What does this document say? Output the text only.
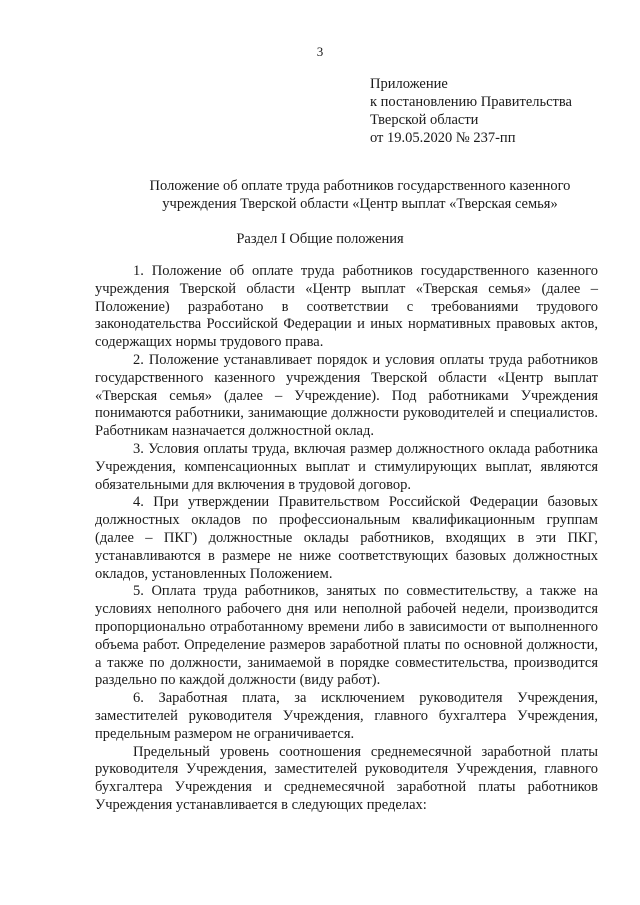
3
Приложение
к постановлению Правительства
Тверской области
от 19.05.2020 № 237-пп
Положение об оплате труда работников государственного казенного
учреждения Тверской области «Центр выплат «Тверская семья»
Раздел I Общие положения

1. Положение об оплате труда работников государственного казенного учреждения Тверской области «Центр выплат «Тверская семья» (далее – Положение) разработано в соответствии с требованиями трудового законодательства Российской Федерации и иных нормативных правовых актов, содержащих нормы трудового права.

2. Положение устанавливает порядок и условия оплаты труда работников государственного казенного учреждения Тверской области «Центр выплат «Тверская семья» (далее – Учреждение). Под работниками Учреждения понимаются работники, занимающие должности руководителей и специалистов. Работникам назначается должностной оклад.

3. Условия оплаты труда, включая размер должностного оклада работника Учреждения, компенсационных выплат и стимулирующих выплат, являются обязательными для включения в трудовой договор.

4. При утверждении Правительством Российской Федерации базовых должностных окладов по профессиональным квалификационным группам (далее – ПКГ) должностные оклады работников, входящих в эти ПКГ, устанавливаются в размере не ниже соответствующих базовых должностных окладов, установленных Положением.

5. Оплата труда работников, занятых по совместительству, а также на условиях неполного рабочего дня или неполной рабочей недели, производится пропорционально отработанному времени либо в зависимости от выполненного объема работ. Определение размеров заработной платы по основной должности, а также по должности, занимаемой в порядке совместительства, производится раздельно по каждой должности (виду работ).

6. Заработная плата, за исключением руководителя Учреждения, заместителей руководителя Учреждения, главного бухгалтера Учреждения, предельным размером не ограничивается.

Предельный уровень соотношения среднемесячной заработной платы руководителя Учреждения, заместителей руководителя Учреждения, главного бухгалтера Учреждения и среднемесячной заработной платы работников Учреждения устанавливается в следующих пределах:
